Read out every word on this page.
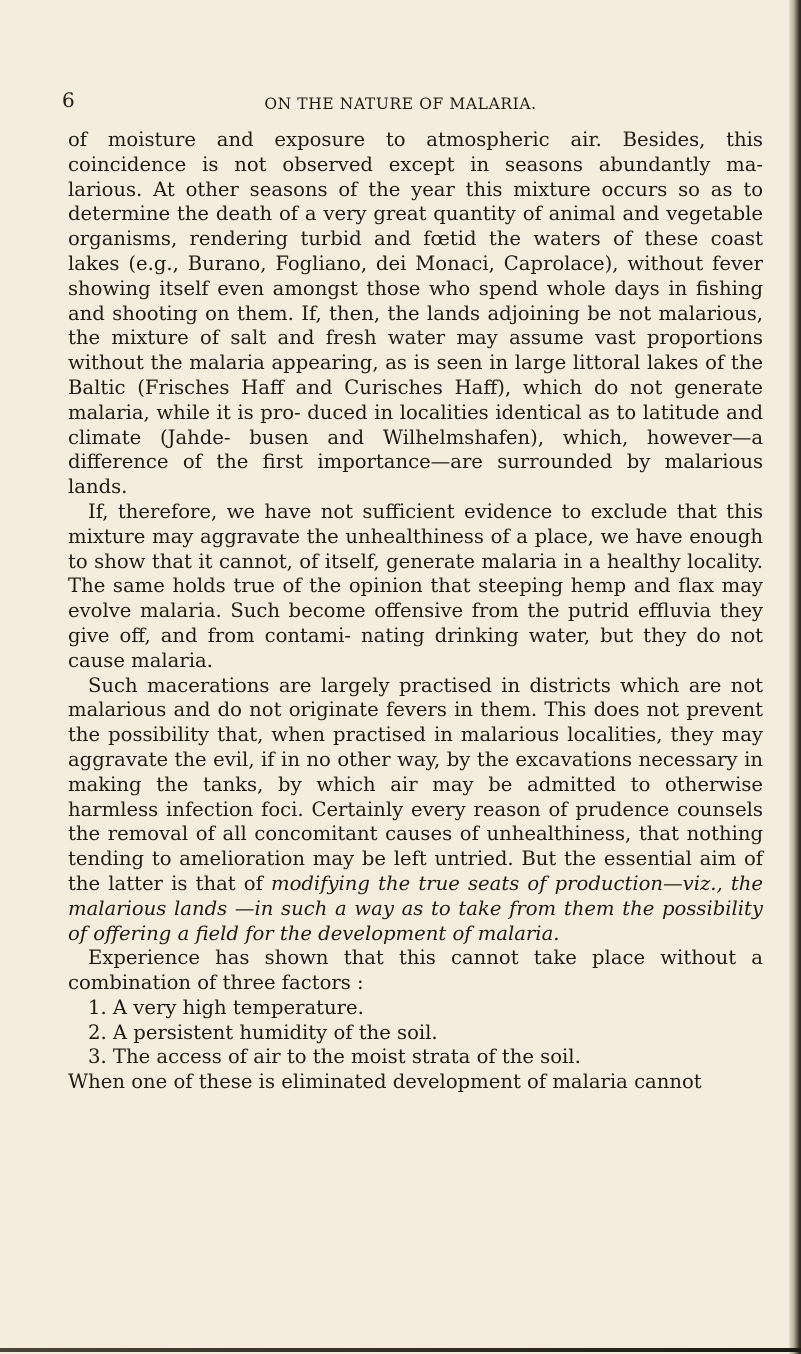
6	ON THE NATURE OF MALARIA.

of moisture and exposure to atmospheric air. Besides, this coincidence is not observed except in seasons abundantly ma- larious. At other seasons of the year this mixture occurs so as to determine the death of a very great quantity of animal and vegetable organisms, rendering turbid and fœtid the waters of these coast lakes (e.g., Burano, Fogliano, dei Monaci, Caprolace), without fever showing itself even amongst those who spend whole days in fishing and shooting on them. If, then, the lands adjoining be not malarious, the mixture of salt and fresh water may assume vast proportions without the malaria appearing, as is seen in large littoral lakes of the Baltic (Frisches Haff and Curisches Haff), which do not generate malaria, while it is pro- duced in localities identical as to latitude and climate (Jahde- busen and Wilhelmshafen), which, however—a difference of the first importance—are surrounded by malarious lands.

If, therefore, we have not sufficient evidence to exclude that this mixture may aggravate the unhealthiness of a place, we have enough to show that it cannot, of itself, generate malaria in a healthy locality. The same holds true of the opinion that steeping hemp and flax may evolve malaria. Such become offensive from the putrid effluvia they give off, and from contami- nating drinking water, but they do not cause malaria.

Such macerations are largely practised in districts which are not malarious and do not originate fevers in them. This does not prevent the possibility that, when practised in malarious localities, they may aggravate the evil, if in no other way, by the excavations necessary in making the tanks, by which air may be admitted to otherwise harmless infection foci. Certainly every reason of prudence counsels the removal of all concomitant causes of unhealthiness, that nothing tending to amelioration may be left untried. But the essential aim of the latter is that of modifying the true seats of production—viz., the malarious lands —in such a way as to take from them the possibility of offering a field for the development of malaria.

Experience has shown that this cannot take place without a combination of three factors :

1. A very high temperature.

2. A persistent humidity of the soil.

3. The access of air to the moist strata of the soil.

When one of these is eliminated development of malaria cannot
